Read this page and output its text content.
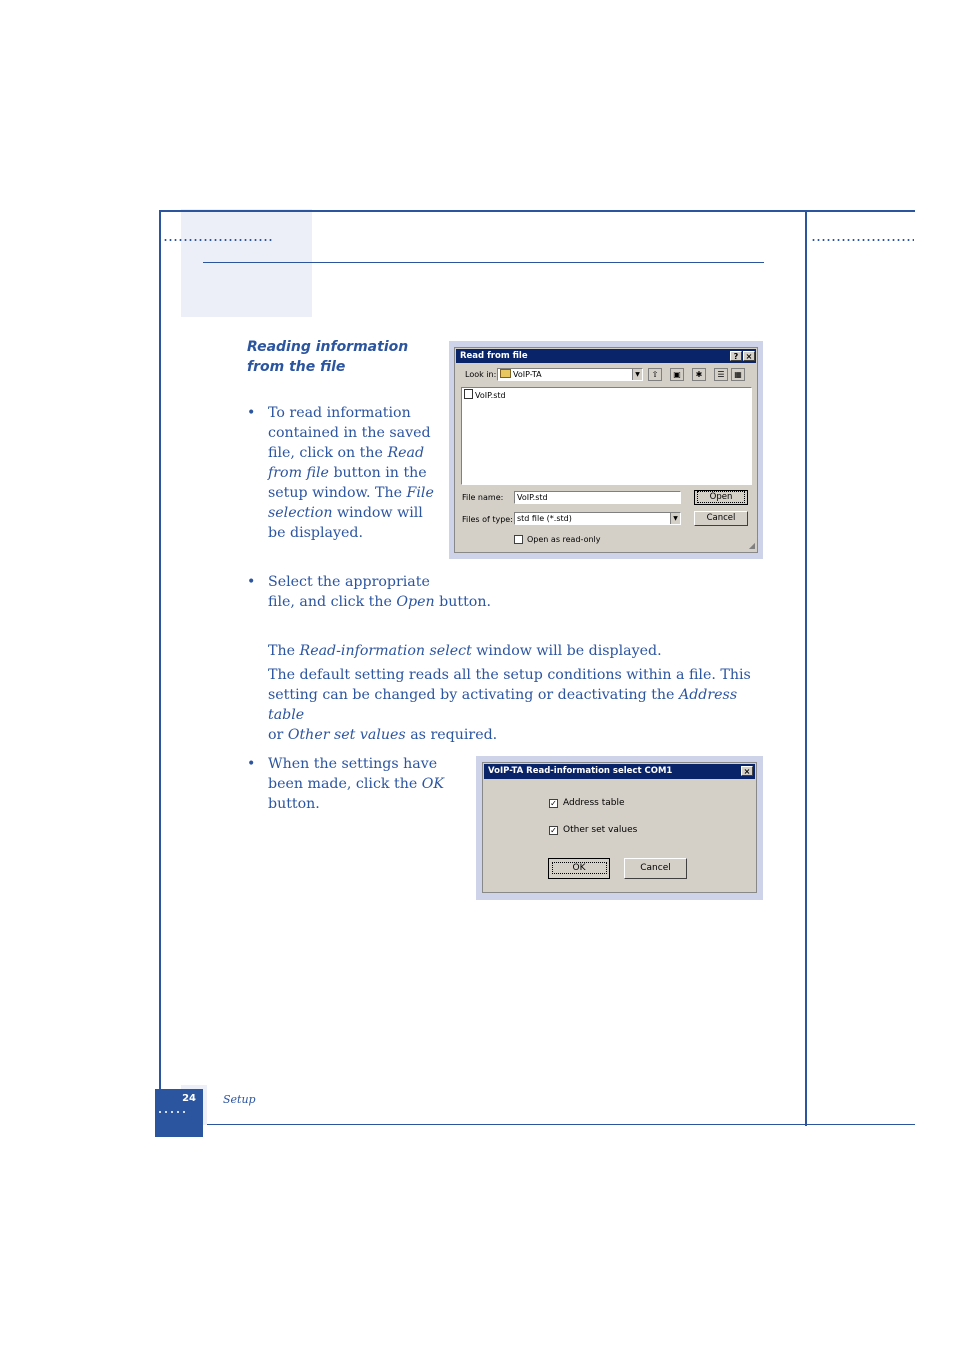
Reading information
from the file
• To read information
contained in the saved
file, click on the Read
from file button in the
setup window. The File
selection window will
be displayed.
Read from file	? ×
Look in:	VoIP-TA	▼	⇧	▣	✱	☰	▦
VoIP.std
File name:	VoIP.std	Open
Files of type: std file (*.std)	▼	Cancel
Open as read-only
◢
• Select the appropriate
file, and click the Open button.
The Read-information select window will be displayed.
The default setting reads all the setup conditions within a file. This
setting can be changed by activating or deactivating the Address table
or Other set values as required.
• When the settings have
been made, click the OK
button.
VoIP-TA Read-information select COM1	×
✓ Address table
✓ Other set values
OK	Cancel
24 Setup
